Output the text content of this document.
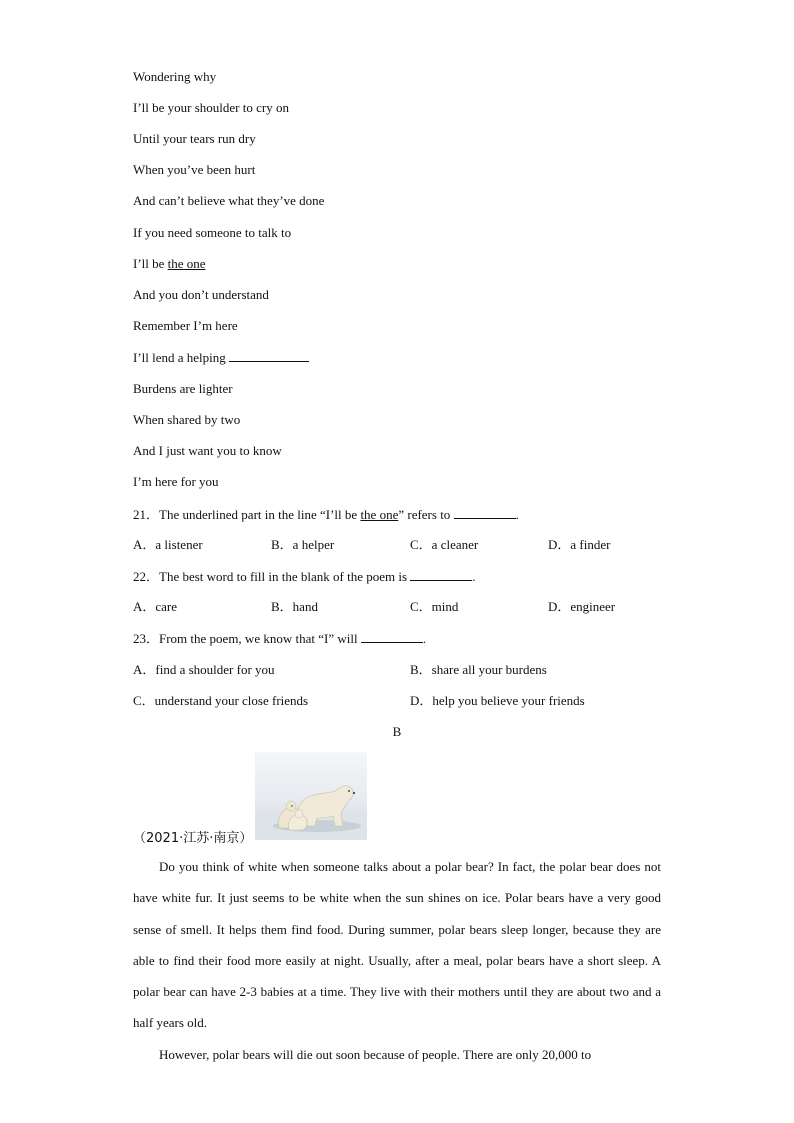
Wondering why
I’ll be your shoulder to cry on
Until your tears run dry
When you’ve been hurt
And can’t believe what they’ve done
If you need someone to talk to
I’ll be the one
And you don’t understand
Remember I’m here
I’ll lend a helping
Burdens are lighter
When shared by two
And I just want you to know
I’m here for you
21．The underlined part in the line “I’ll be the one” refers to	.
A．a listener	B．a helper	C．a cleaner	D．a finder
22．The best word to fill in the blank of the poem is	.
A．care	B．hand	C．mind	D．engineer
23．From the poem, we know that “I” will	.
A．find a shoulder for you	B．share all your burdens
C．understand your close friends	D．help you believe your friends
B
（2021·江苏·南京）

Do you think of white when someone talks about a polar bear? In fact, the polar bear does not have white fur. It just seems to be white when the sun shines on ice. Polar bears have a very good sense of smell. It helps them find food. During summer, polar bears sleep longer, because they are able to find their food more easily at night. Usually, after a meal, polar bears have a short sleep. A polar bear can have 2-3 babies at a time. They live with their mothers until they are about two and a half years old.

However, polar bears will die out soon because of people. There are only 20,000 to
